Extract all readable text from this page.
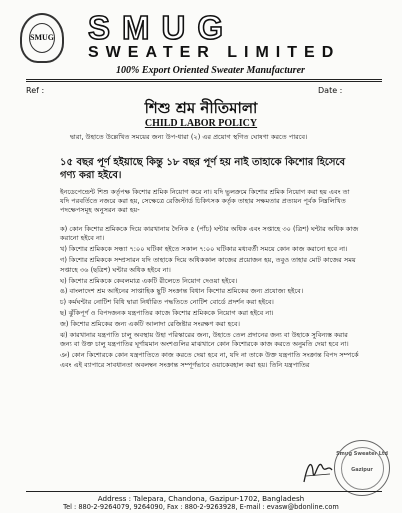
SMUG SMUG
SWEATER LIMITED
100% Export Oriented Sweater Manufacturer
Ref :	Date :
শিশু শ্রম নীতিমালা
CHILD LABOR POLICY
দ্বারা, উহাতে উল্লেখিত সময়ের জন্য উপ-ধারা (২) এর প্রয়োগ স্থগিত ঘোষণা করতে পারবে।
১৫ বছর পূর্ণ হইয়াছে কিন্তু ১৮ বছর পূর্ণ হয় নাই তাহাকে কিশোর হিসেবে গণ্য করা হইবে।
ইনডেপেন্ডেন্ট শিশু কর্তৃপক্ষ কিশোর শ্রমিক নিয়োগ করে না। যদি ভুলক্রমে কিশোর শ্রমিক নিয়োগ করা হয় এবং তা যদি পরবর্তিতে নজরে করা হয়, সেক্ষেত্রে রেজিস্টার্ড চিকিৎসক কর্তৃক তাহার সক্ষমতার প্রত্যয়ন পূর্বক নিম্নলিখিত পদক্ষেপসমূহ অনুসরন করা হয়-
ক) কোন কিশোর শ্রমিককে দিয়ে কারখানায় দৈনিক ৫ (পাঁচ) ঘন্টার অধিক এবং সপ্তাহে ৩০ (ত্রিশ) ঘন্টার অধিক কাজ করানো হইবে না।
খ) কিশোর শ্রমিককে সন্ধ্যা ৭:০০ ঘটিকা হইতে সকাল ৭:০০ ঘটিকার মধ্যবর্তী সময়ে কোন কাজ করানো হবে না।
গ) কিশোর শ্রমিককে সম্প্রসারন যদি তাহাকে দিয়ে অধিককাল কাজের প্রয়োজন হয়, তবুও তাহার মোট কাজের সময় সপ্তাহে ৩৬ (ছত্রিশ) ঘন্টার অধিক হইবে না।
ঘ) কিশোর শ্রমিককে কেবলমাত্র একটি রীলেতে নিয়োগ দেওয়া হইবে।
ঙ) বাংলাদেশ শ্রম আইনের সাপ্তাহিক ছুটি সংক্রান্ত বিধান কিশোর শ্রমিকের জন্য প্রযোজ্য হইবে।
চ) কর্মঘন্টার নোটিশ বিধি দ্বারা নির্ধারিত পদ্ধতিতে নোটিশ বোর্ডে প্রদর্শন করা হইবে।
ছ) ঝুঁকিপূর্ণ ও বিপদজনক যন্ত্রপাতির কাজে কিশোর শ্রমিককে নিয়োগ করা হইবে না।
জ) কিশোর শ্রমিকের জন্য একটি আলাদা রেজিষ্টার সংরক্ষণ করা হবে।
ঝ) কারখানার যন্ত্রপাতি চালু অবস্থায় উহা পরিস্কারের জন্য, উহাতে তেল প্রদানের জন্য বা উহাকে সুবিন্যস্ত করার জন্য বা উক্ত চালু যন্ত্রপাতির ঘূর্ণায়মান অংশগুলির মাঝখানে কোন কিশোরকে কাজ করতে অনুমতি দেয়া হবে না।
ঞ) কোন কিশোরকে কোন যন্ত্রপাতিতে কাজ করতে দেয়া হবে না, যদি না তাকে উক্ত যন্ত্রপাতি সংক্রান্ত বিপদ সম্পর্কে এবং এই ব্যাপারে সাবধানতা অবলম্বন সংক্রান্ত সম্পূর্ণভাবে ওয়াকেবহাল করা হয়। তিনি যন্ত্রপাতির
Smug Sweater Ltd
Gazipur
Address : Talepara, Chandona, Gazipur-1702, Bangladesh
Tel : 880-2-9264079, 9264090, Fax : 880-2-9263928, E-mail : evasw@bdonline.com
